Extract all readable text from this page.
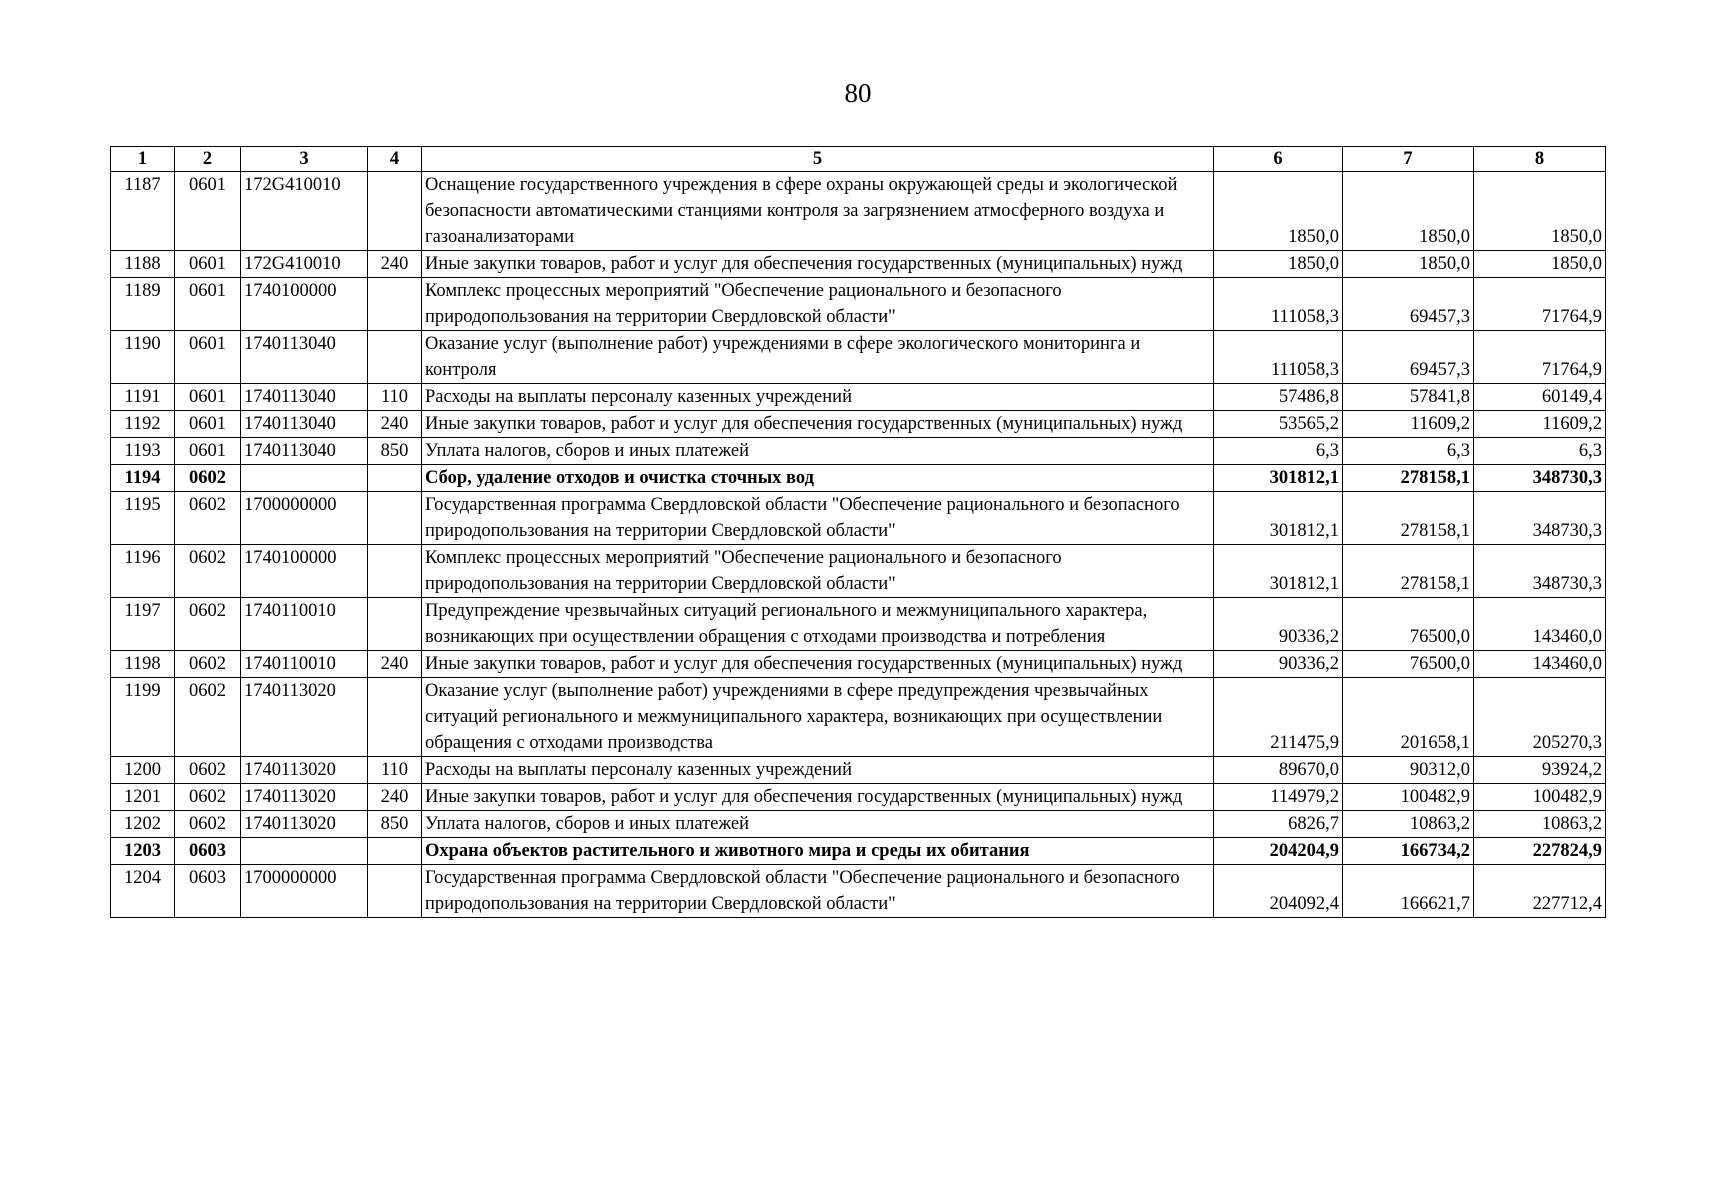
80
1	2	3	4	5	6	7	8
1187	0601	172G410010		Оснащение государственного учреждения в сфере охраны окружающей среды и экологической безопасности автоматическими станциями контроля за загрязнением атмосферного воздуха и газоанализаторами	1850,0	1850,0	1850,0
1188	0601	172G410010	240	Иные закупки товаров, работ и услуг для обеспечения государственных (муниципальных) нужд	1850,0	1850,0	1850,0
1189	0601	1740100000		Комплекс процессных мероприятий "Обеспечение рационального и безопасного природопользования на территории Свердловской области"	111058,3	69457,3	71764,9
1190	0601	1740113040		Оказание услуг (выполнение работ) учреждениями в сфере экологического мониторинга и контроля	111058,3	69457,3	71764,9
1191	0601	1740113040	110	Расходы на выплаты персоналу казенных учреждений	57486,8	57841,8	60149,4
1192	0601	1740113040	240	Иные закупки товаров, работ и услуг для обеспечения государственных (муниципальных) нужд	53565,2	11609,2	11609,2
1193	0601	1740113040	850	Уплата налогов, сборов и иных платежей	6,3	6,3	6,3
1194	0602			Сбор, удаление отходов и очистка сточных вод	301812,1	278158,1	348730,3
1195	0602	1700000000		Государственная программа Свердловской области "Обеспечение рационального и безопасного природопользования на территории Свердловской области"	301812,1	278158,1	348730,3
1196	0602	1740100000		Комплекс процессных мероприятий "Обеспечение рационального и безопасного природопользования на территории Свердловской области"	301812,1	278158,1	348730,3
1197	0602	1740110010		Предупреждение чрезвычайных ситуаций регионального и межмуниципального характера, возникающих при осуществлении обращения с отходами производства и потребления	90336,2	76500,0	143460,0
1198	0602	1740110010	240	Иные закупки товаров, работ и услуг для обеспечения государственных (муниципальных) нужд	90336,2	76500,0	143460,0
1199	0602	1740113020		Оказание услуг (выполнение работ) учреждениями в сфере предупреждения чрезвычайных ситуаций регионального и межмуниципального характера, возникающих при осуществлении обращения с отходами производства	211475,9	201658,1	205270,3
1200	0602	1740113020	110	Расходы на выплаты персоналу казенных учреждений	89670,0	90312,0	93924,2
1201	0602	1740113020	240	Иные закупки товаров, работ и услуг для обеспечения государственных (муниципальных) нужд	114979,2	100482,9	100482,9
1202	0602	1740113020	850	Уплата налогов, сборов и иных платежей	6826,7	10863,2	10863,2
1203	0603			Охрана объектов растительного и животного мира и среды их обитания	204204,9	166734,2	227824,9
1204	0603	1700000000		Государственная программа Свердловской области "Обеспечение рационального и безопасного природопользования на территории Свердловской области"	204092,4	166621,7	227712,4
